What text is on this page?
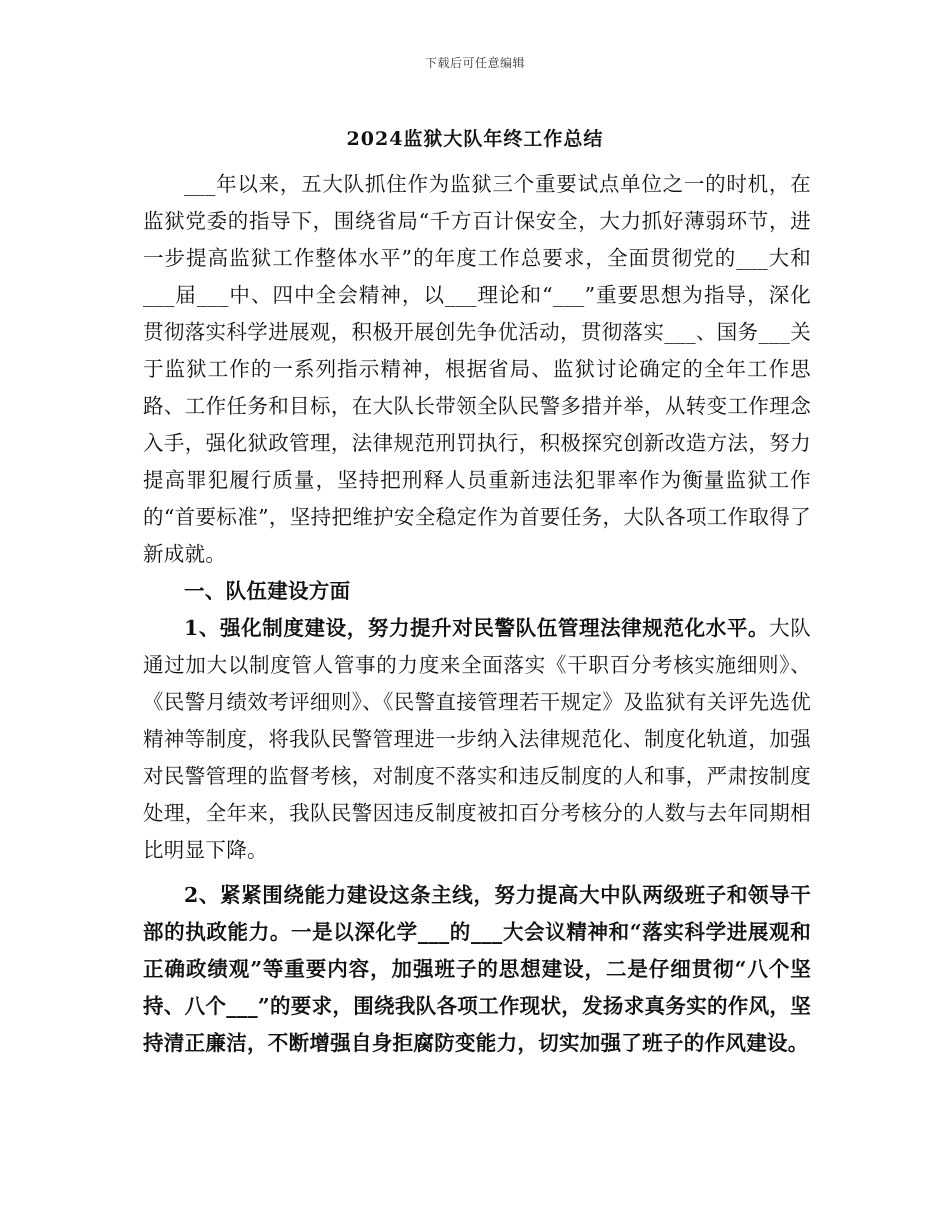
下载后可任意编辑
2024监狱大队年终工作总结

___年以来，五大队抓住作为监狱三个重要试点单位之一的时机，在监狱党委的指导下，围绕省局“千方百计保安全，大力抓好薄弱环节，进一步提高监狱工作整体水平”的年度工作总要求，全面贯彻党的___大和___届___中、四中全会精神，以___理论和“___”重要思想为指导，深化贯彻落实科学进展观，积极开展创先争优活动，贯彻落实___、国务___关于监狱工作的一系列指示精神，根据省局、监狱讨论确定的全年工作思路、工作任务和目标，在大队长带领全队民警多措并举，从转变工作理念入手，强化狱政管理，法律规范刑罚执行，积极探究创新改造方法，努力提高罪犯履行质量，坚持把刑释人员重新违法犯罪率作为衡量监狱工作的“首要标准”，坚持把维护安全稳定作为首要任务，大队各项工作取得了新成就。

一、队伍建设方面

1、强化制度建设，努力提升对民警队伍管理法律规范化水平。大队通过加大以制度管人管事的力度来全面落实《干职百分考核实施细则》、《民警月绩效考评细则》、《民警直接管理若干规定》及监狱有关评先选优精神等制度，将我队民警管理进一步纳入法律规范化、制度化轨道，加强对民警管理的监督考核，对制度不落实和违反制度的人和事，严肃按制度处理，全年来，我队民警因违反制度被扣百分考核分的人数与去年同期相比明显下降。

2、紧紧围绕能力建设这条主线，努力提高大中队两级班子和领导干部的执政能力。一是以深化学___的___大会议精神和“落实科学进展观和正确政绩观”等重要内容，加强班子的思想建设，二是仔细贯彻“八个坚持、八个___”的要求，围绕我队各项工作现状，发扬求真务实的作风，坚持清正廉洁，不断增强自身拒腐防变能力，切实加强了班子的作风建设。
